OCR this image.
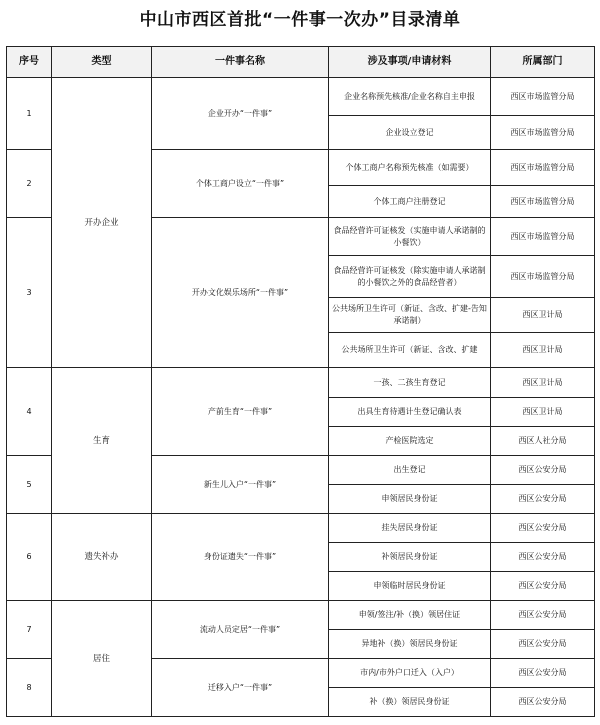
中山市西区首批“一件事一次办”目录清单
序号	类型	一件事名称	涉及事项/申请材料	所属部门
1	开办企业	企业开办“一件事”	企业名称预先核准/企业名称自主申报	西区市场监管分局
			企业设立登记	西区市场监管分局
2		个体工商户设立“一件事”	个体工商户名称预先核准（如需要）	西区市场监管分局
			个体工商户注册登记	西区市场监管分局
3		开办文化娱乐场所“一件事”	食品经营许可证核发（实施申请人承诺制的小餐饮）	西区市场监管分局
			食品经营许可证核发（除实施申请人承诺制的小餐饮之外的食品经营者）	西区市场监管分局
			公共场所卫生许可（新证、含改、扩建-告知承诺制）	西区卫计局
			公共场所卫生许可（新证、含改、扩建	西区卫计局
4	生育	产前生育“一件事”	一孩、二孩生育登记	西区卫计局
			出具生育待遇计生登记确认表	西区卫计局
			产检医院选定	西区人社分局
5		新生儿入户“一件事”	出生登记	西区公安分局
			申领居民身份证	西区公安分局
6	遗失补办	身份证遗失“一件事”	挂失居民身份证	西区公安分局
			补领居民身份证	西区公安分局
			申领临时居民身份证	西区公安分局
7	居住	流动人员定居“一件事”	申领/签注/补（换）领居住证	西区公安分局
			异地补（换）领居民身份证	西区公安分局
8		迁移入户“一件事”	市内/市外户口迁入（入户）	西区公安分局
			补（换）领居民身份证	西区公安分局
